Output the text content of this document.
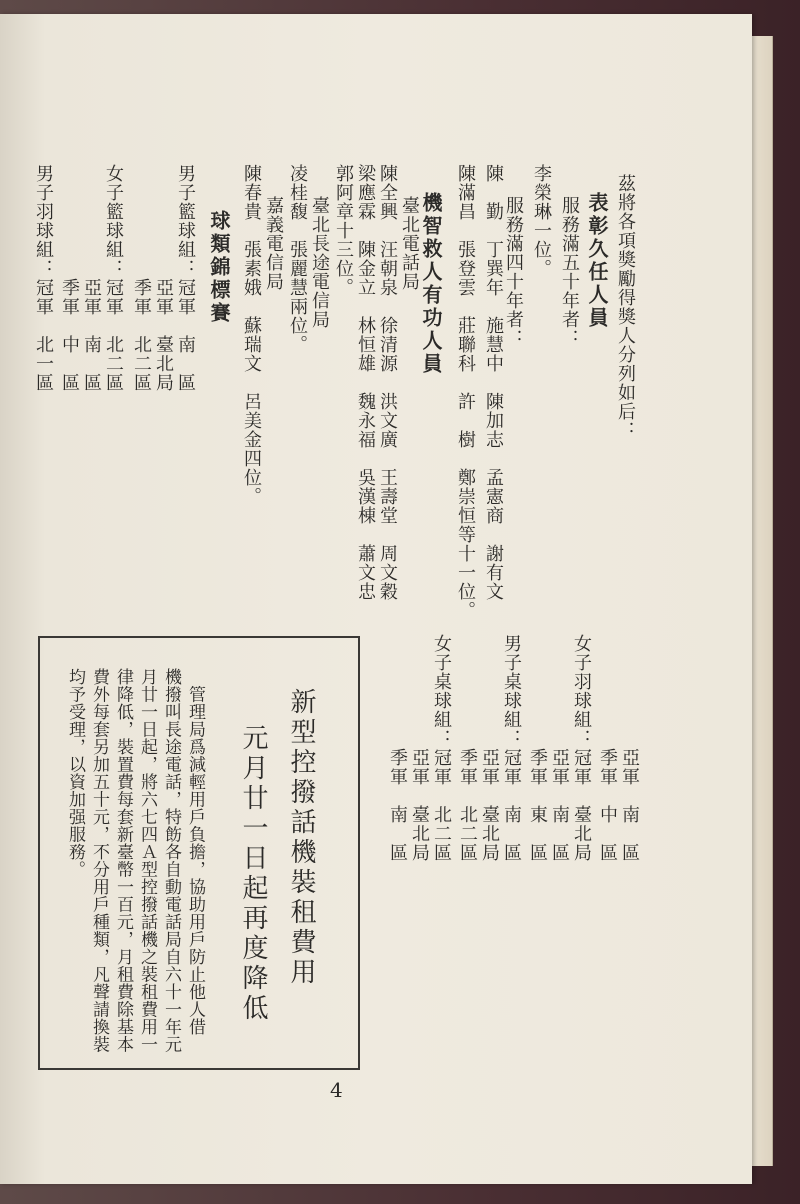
茲將各項獎勵得獎人分列如后：
表彰久任人員
服務滿五十年者：
李榮琳一位。
服務滿四十年者：
陳　勤　丁巽年　施慧中　陳加志　孟憲商　謝有文
陳滿昌　張登雲　莊聯科　許　樹　鄭崇恒等十一位。
機智救人有功人員
臺北電話局
陳全興　汪朝泉　徐清源　洪文廣　王壽堂　周文穀
梁應霖　陳金立　林恒雄　魏永福　吳漢棟　蕭文忠
郭阿章十三位。
臺北長途電信局
凌桂馥　張麗慧兩位。
嘉義電信局
陳春貴　張素娥　蘇瑞文　呂美金四位。
球類錦標賽
男子籃球組：冠軍　南　區
　　　　　　亞軍　臺北局
　　　　　　季軍　北二區
女子籃球組：冠軍　北二區
　　　　　　亞軍　南　區
　　　　　　季軍　中　區
男子羽球組：冠軍　北一區
　　　　　　亞軍　南　區
　　　　　　季軍　中　區
女子羽球組：冠軍　臺北局
　　　　　　亞軍　南　區
　　　　　　季軍　東　區
男子桌球組：冠軍　南　區
　　　　　　亞軍　臺北局
　　　　　　季軍　北二區
女子桌球組：冠軍　北二區
　　　　　　亞軍　臺北局
　　　　　　季軍　南　區
新型控撥話機裝租費用
元月廿一日起再度降低
　管理局爲減輕用戶負擔，協助用戶防止他人借
機撥叫長途電話，特飭各自動電話局自六十一年元
月廿一日起，將六七四Ａ型控撥話機之裝租費用一
律降低，裝置費每套新臺幣一百元，月租費除基本
費外每套另加五十元，不分用戶種類，凡聲請換裝
均予受理，以資加强服務。
4
